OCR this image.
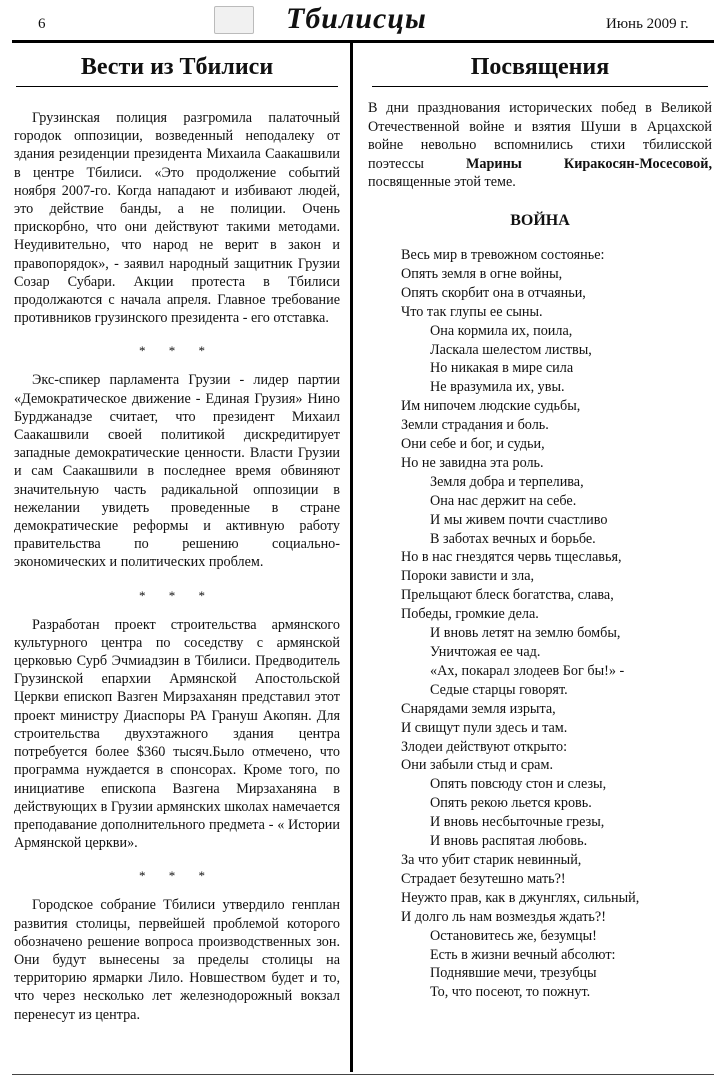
6	Тбилисцы	Июнь 2009 г.
Вести из Тбилиси

Грузинская полиция разгромила палаточный городок оппозиции, возведенный неподалеку от здания резиденции президента Михаила Саакашвили в центре Тбилиси. «Это продолжение событий ноября 2007-го. Когда нападают и избивают людей, это действие банды, а не полиции. Очень прискорбно, что они действуют такими методами. Неудивительно, что народ не верит в закон и правопорядок», - заявил народный защитник Грузии Созар Субари. Акции протеста в Тбилиси продолжаются с начала апреля. Главное требование противников грузинского президента - его отставка.

* * *

Экс-спикер парламента Грузии - лидер партии «Демократическое движение - Единая Грузия» Нино Бурджанадзе считает, что президент Михаил Саакашвили своей политикой дискредитирует западные демократические ценности. Власти Грузии и сам Саакашвили в последнее время обвиняют значительную часть радикальной оппозиции в нежелании увидеть проведенные в стране демократические реформы и активную работу правительства по решению социально-экономических и политических проблем.

* * *

Разработан проект строительства армянского культурного центра по соседству с армянской церковью Сурб Эчмиадзин в Тбилиси. Предводитель Грузинской епархии Армянской Апостольской Церкви епископ Вазген Мирзаханян представил этот проект министру Диаспоры РА Грануш Акопян. Для строительства двухэтажного здания центра потребуется более $360 тысяч.Было отмечено, что программа нуждается в спонсорах. Кроме того, по инициативе епископа Вазгена Мирзаханяна в действующих в Грузии армянских школах намечается преподавание дополнительного предмета - « Истории Армянской церкви».

* * *

Городское собрание Тбилиси утвердило генплан развития столицы, первейшей проблемой которого обозначено решение вопроса производственных зон. Они будут вынесены за пределы столицы на территорию ярмарки Лило. Новшеством будет и то, что через несколько лет железнодорожный вокзал перенесут из центра.

Посвящения

В дни празднования исторических побед в Великой Отечественной войне и взятия Шуши в Арцахской войне невольно вспомнились стихи тбилисской поэтессы Марины Киракосян-Мосесовой, посвященные этой теме.

ВОЙНА
Весь мир в тревожном состоянье:
Опять земля в огне войны,
Опять скорбит она в отчаяньи,
Что так глупы ее сыны.
Она кормила их, поила,
Ласкала шелестом листвы,
Но никакая в мире сила
Не вразумила их, увы.
Им нипочем людские судьбы,
Земли страдания и боль.
Они себе и бог, и судьи,
Но не завидна эта роль.
Земля добра и терпелива,
Она нас держит на себе.
И мы живем почти счастливо
В заботах вечных и борьбе.
Но в нас гнездятся червь тщеславья,
Пороки зависти и зла,
Прельщают блеск богатства, слава,
Победы, громкие дела.
И вновь летят на землю бомбы,
Уничтожая ее чад.
«Ах, покарал злодеев Бог бы!» -
Седые старцы говорят.
Снарядами земля изрыта,
И свищут пули здесь и там.
Злодеи действуют открыто:
Они забыли стыд и срам.
Опять повсюду стон и слезы,
Опять рекою льется кровь.
И вновь несбыточные грезы,
И вновь распятая любовь.
За что убит старик невинный,
Страдает безутешно мать?!
Неужто прав, как в джунглях, сильный,
И долго ль нам возмездья ждать?!
Остановитесь же, безумцы!
Есть в жизни вечный абсолют:
Поднявшие мечи, трезубцы
То, что посеют, то пожнут.
